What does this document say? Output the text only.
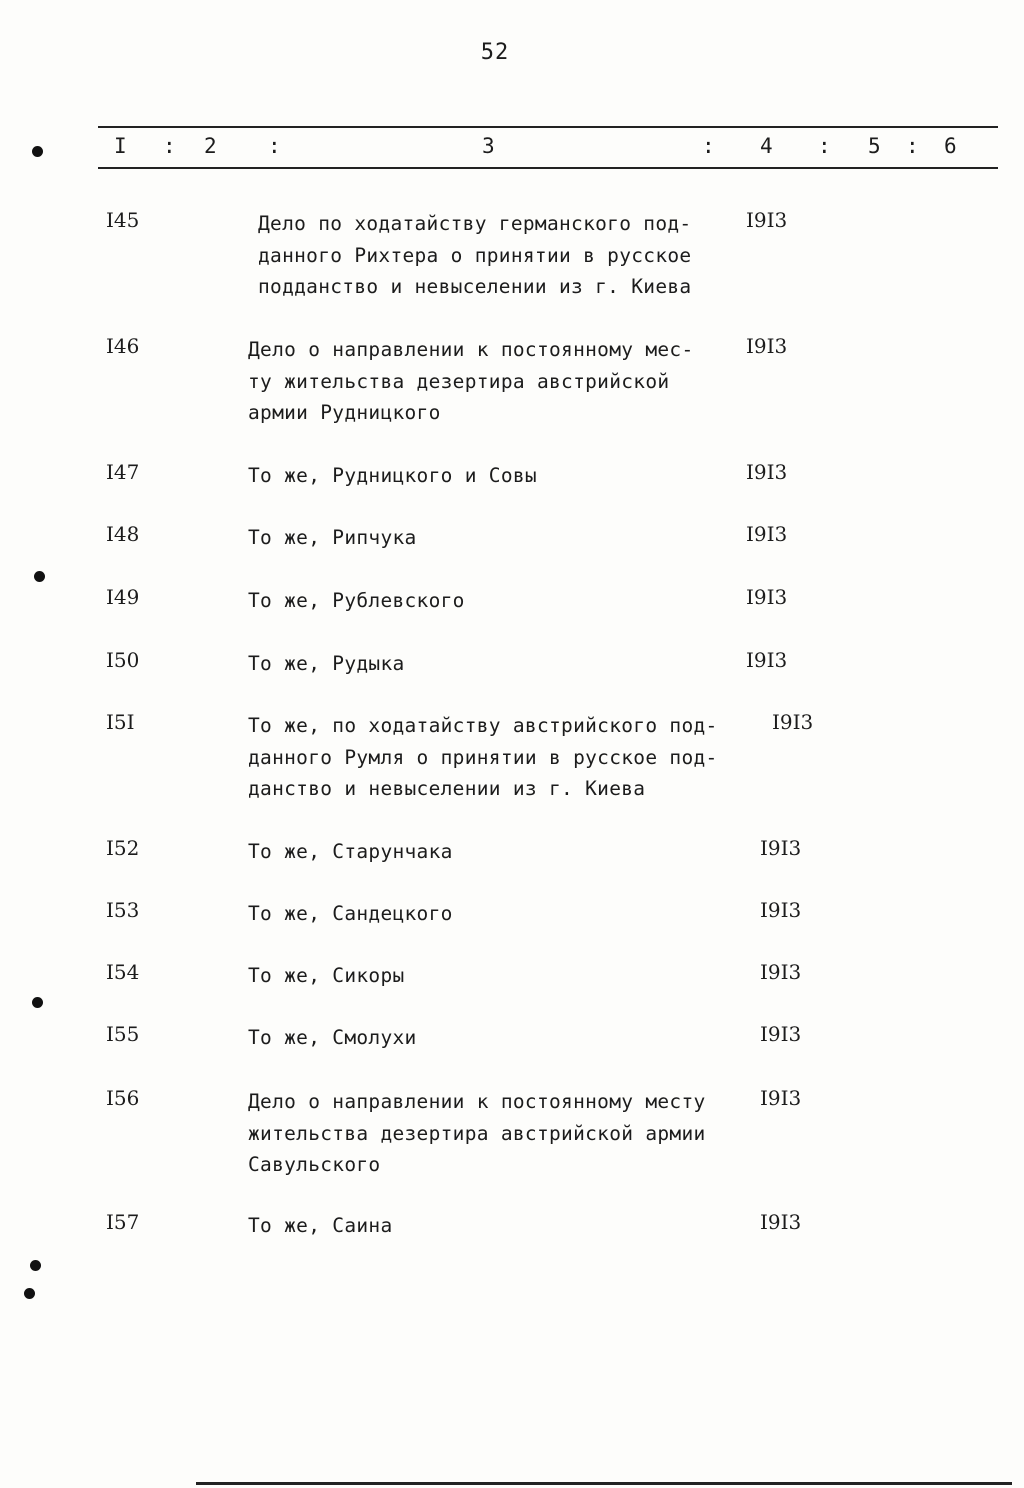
52
I : 2 :	3	: 4 : 5 : 6
I45	Дело по ходатайству германского под-
данного Рихтера о принятии в русское
подданство и невыселении из г. Киева
I9I3
I46	Дело о направлении к постоянному мес-
ту жительства дезертира австрийской
армии Рудницкого
I9I3
I47	То же, Рудницкого и Совы	I9I3
I48	То же, Рипчука	I9I3
I49	То же, Рублевского	I9I3
I50	То же, Рудыка	I9I3
I5I	То же, по ходатайству австрийского под-
данного Румля о принятии в русское под-
данство и невыселении из г. Киева
I9I3
I52	То же, Старунчака	I9I3
I53	То же, Сандецкого	I9I3
I54	То же, Сикоры	I9I3
I55	То же, Смолухи	I9I3
I56	Дело о направлении к постоянному месту
жительства дезертира австрийской армии
Савульского
I9I3
I57	То же, Саина	I9I3
